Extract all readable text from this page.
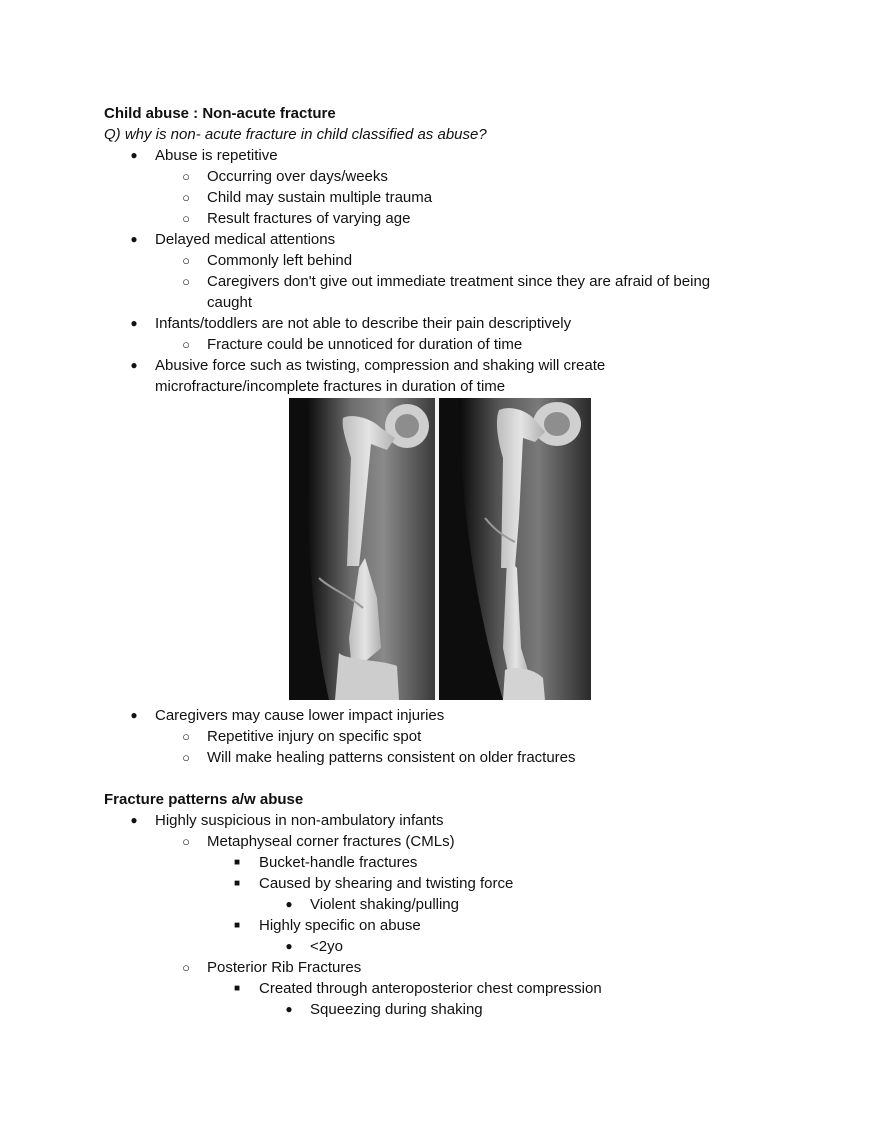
Child abuse : Non-acute fracture
Q) why is non- acute fracture in child classified as abuse?
● Abuse is repetitive
○ Occurring over days/weeks
○ Child may sustain multiple trauma
○ Result fractures of varying age
● Delayed medical attentions
○ Commonly left behind
○ Caregivers don't give out immediate treatment since they are afraid of being
caught
● Infants/toddlers are not able to describe their pain descriptively
○ Fracture could be unnoticed for duration of time
● Abusive force such as twisting, compression and shaking will create
microfracture/incomplete fractures in duration of time
● Caregivers may cause lower impact injuries
○ Repetitive injury on specific spot
○ Will make healing patterns consistent on older fractures
Fracture patterns a/w abuse
● Highly suspicious in non-ambulatory infants
○ Metaphyseal corner fractures (CMLs)
■	Bucket-handle fractures
■	Caused by shearing and twisting force
● Violent shaking/pulling
■	Highly specific on abuse
● <2yo
○ Posterior Rib Fractures
■	Created through anteroposterior chest compression
● Squeezing during shaking
